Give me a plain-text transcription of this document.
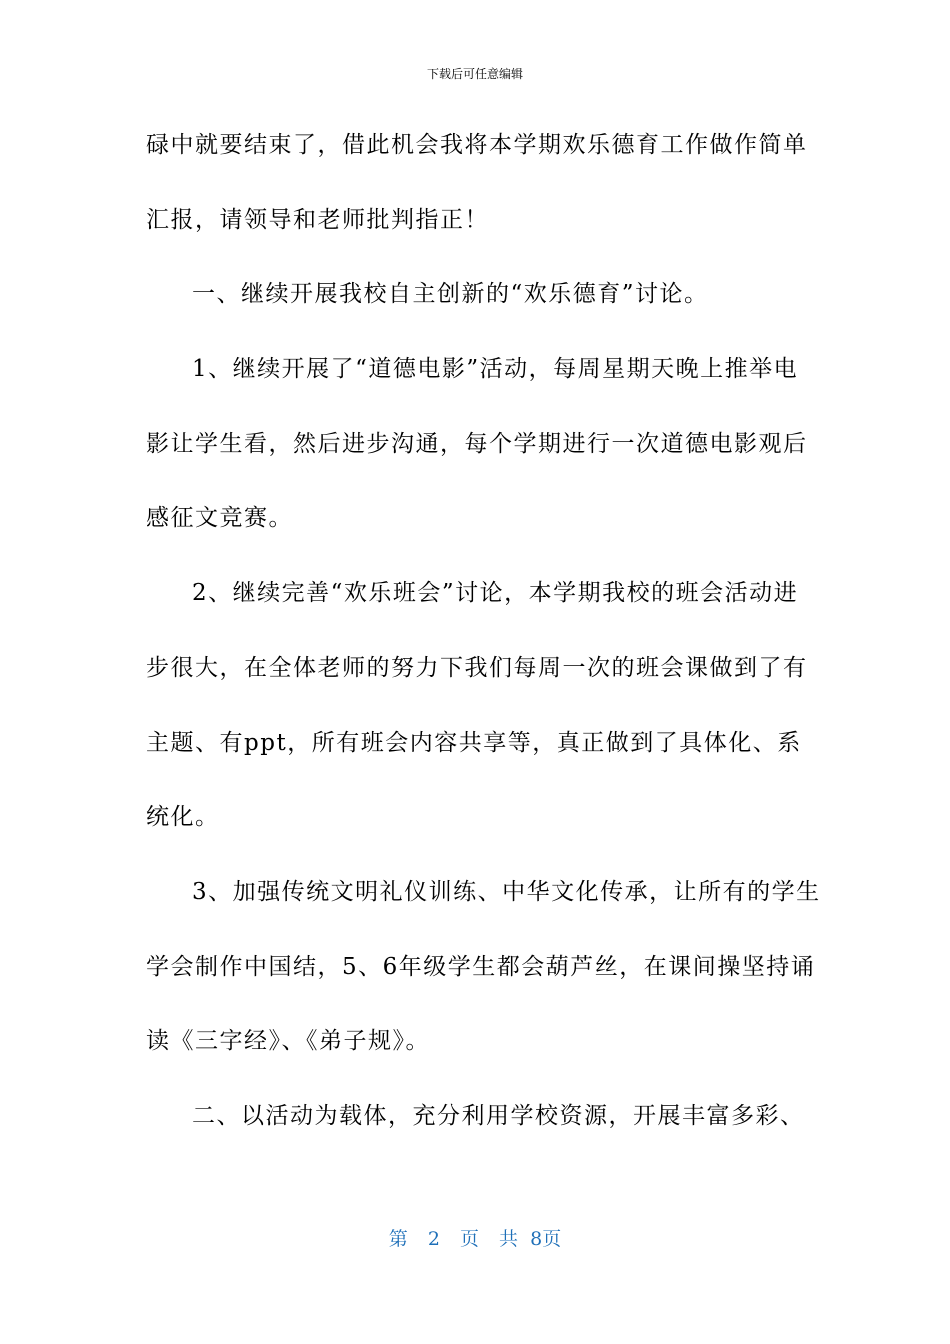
下载后可任意编辑
碌中就要结束了，借此机会我将本学期欢乐德育工作做作简单
汇报，请领导和老师批判指正！
一、继续开展我校自主创新的“欢乐德育”讨论。
1、继续开展了“道德电影”活动，每周星期天晚上推举电
影让学生看，然后进步沟通，每个学期进行一次道德电影观后
感征文竞赛。
2、继续完善“欢乐班会”讨论，本学期我校的班会活动进
步很大，在全体老师的努力下我们每周一次的班会课做到了有
主题、有ppt，所有班会内容共享等，真正做到了具体化、系
统化。
3、加强传统文明礼仪训练、中华文化传承，让所有的学生
学会制作中国结，5、6年级学生都会葫芦丝，在课间操坚持诵
读《三字经》、《弟子规》。
二、以活动为载体，充分利用学校资源，开展丰富多彩、
第 2 页 共 8页
